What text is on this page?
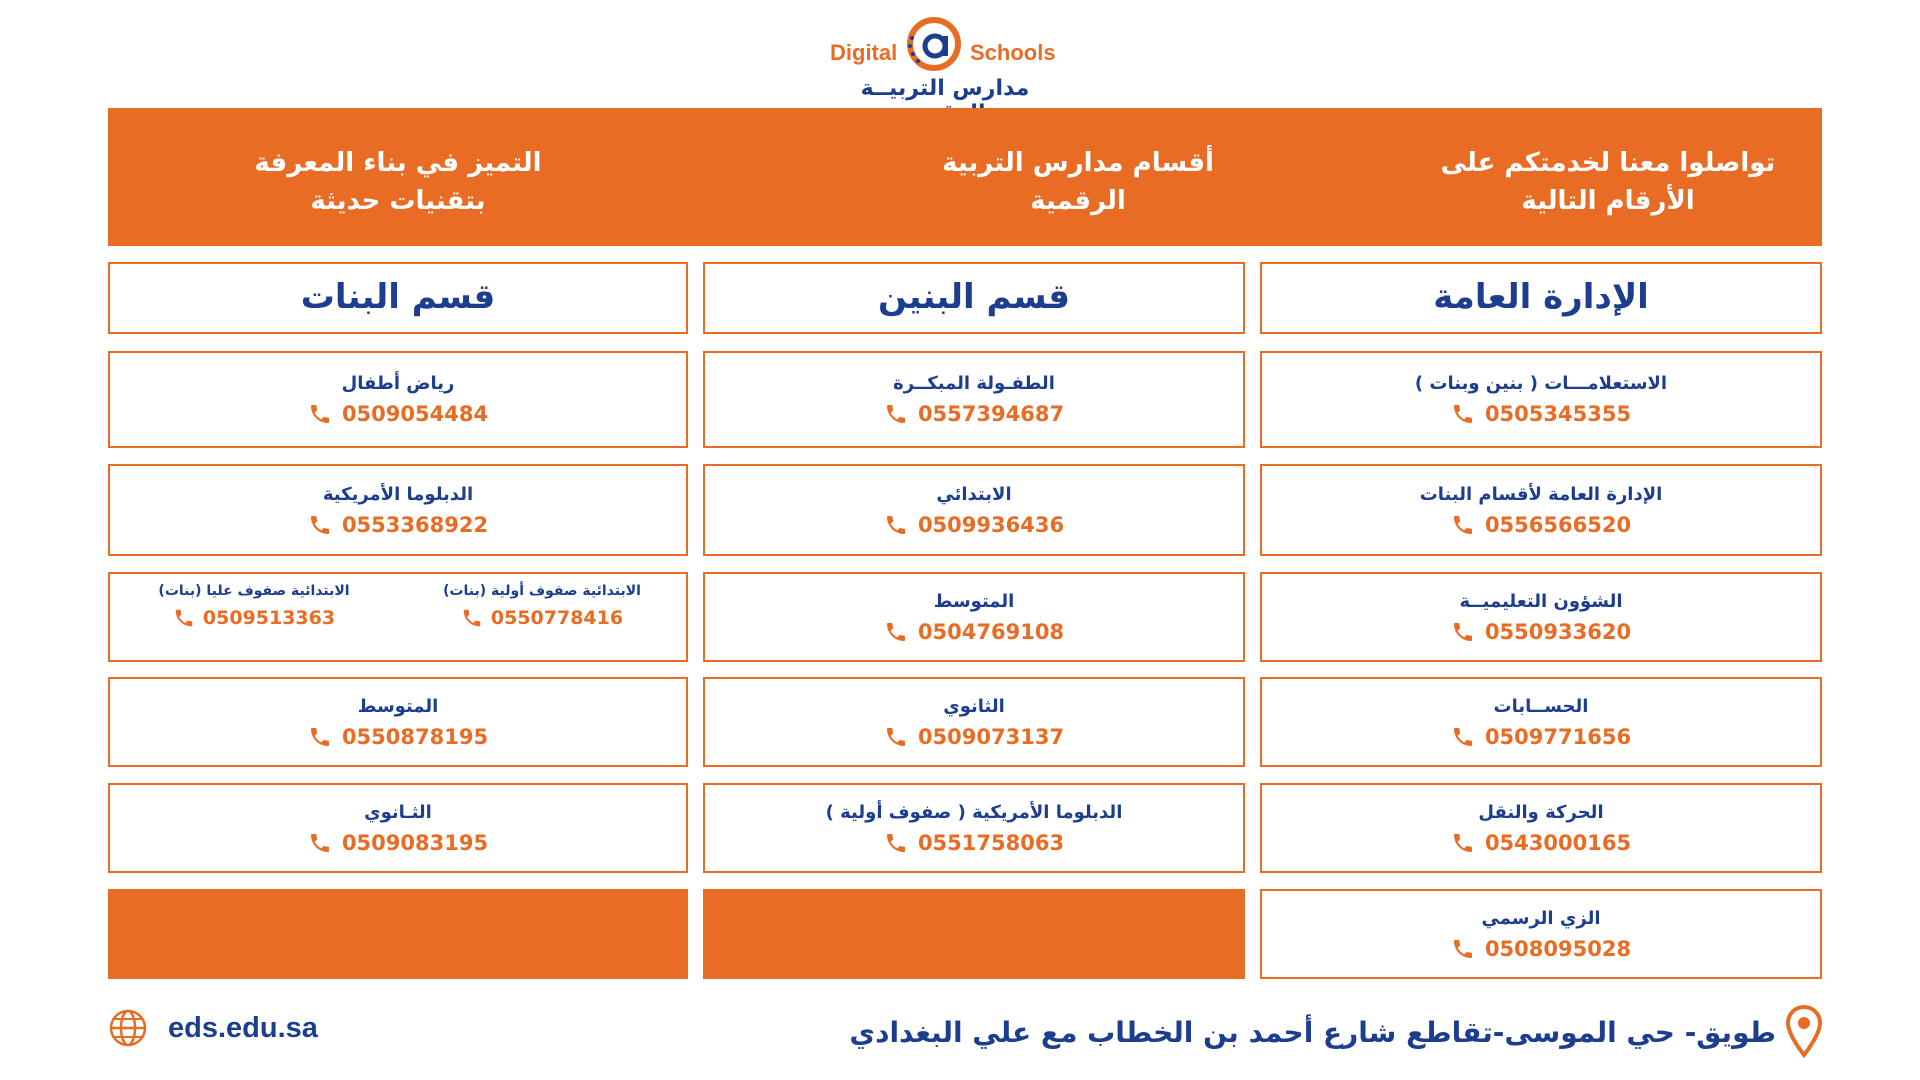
Digital	Schools
مدارس التربيــة
تواصلوا معنا لخدمتكم على
الأرقام التالية
أقسام مدارس التربية
الرقمية
التميز في بناء المعرفة
بتقنيات حديثة
الإدارة العامة
قسم البنين
قسم البنات
الاستعلامـــات ( بنين وبنات )
0505345355
الإدارة العامة لأقسام البنات
0556566520
الشؤون التعليميــة
0550933620
الحســابات
0509771656
الحركة والنقل
0543000165
الزي الرسمي
0508095028
الطفـولة المبكــرة
0557394687
الابتدائي
0509936436
المتوسط
0504769108
الثانوي
0509073137
الدبلوما الأمريكية ( صفوف أولية )
0551758063
رياض أطفال
0509054484
الدبلوما الأمريكية
0553368922
الابتدائية صفوف عليا (بنات)
0509513363
الابتدائية صفوف أولية (بنات)
0550778416
المتوسط
0550878195
الثـانوي
0509083195
طويق- حي الموسى-تقاطع شارع أحمد بن الخطاب مع علي البغدادي
eds.edu.sa
